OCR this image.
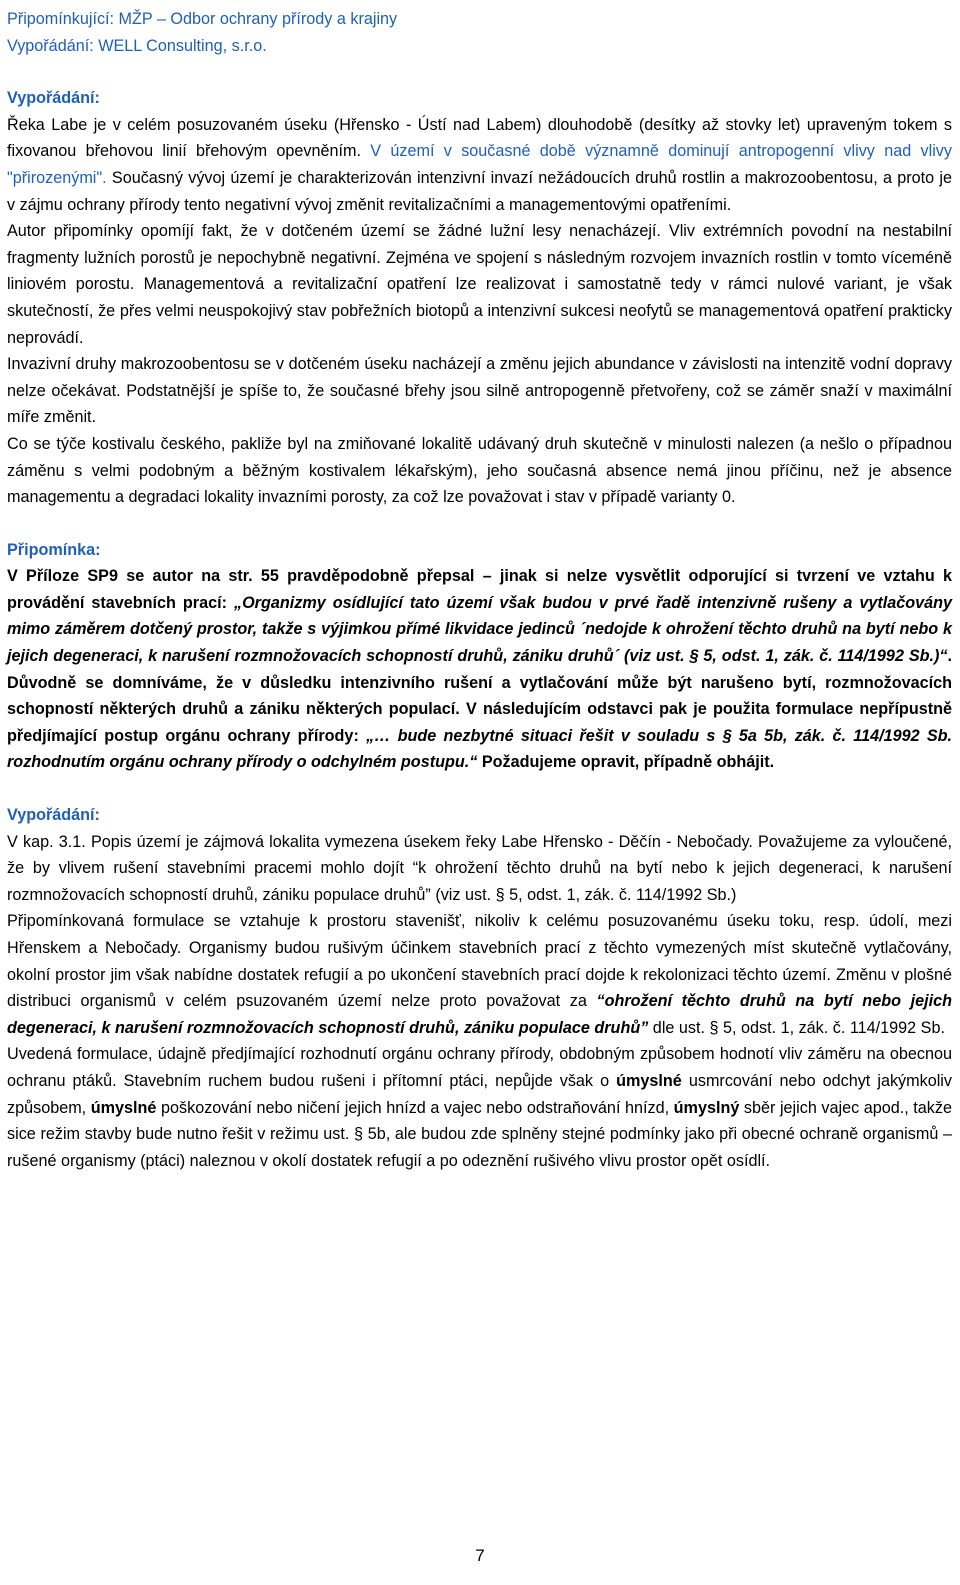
Připomínkující: MŽP – Odbor ochrany přírody a krajiny
Vypořádání: WELL Consulting, s.r.o.
Vypořádání:

Řeka Labe je v celém posuzovaném úseku (Hřensko - Ústí nad Labem) dlouhodobě (desítky až stovky let) upraveným tokem s fixovanou břehovou linií břehovým opevněním. V území v současné době významně dominují antropogenní vlivy nad vlivy "přirozenými". Současný vývoj území je charakterizován intenzivní invazí nežádoucích druhů rostlin a makrozoobentosu, a proto je v zájmu ochrany přírody tento negativní vývoj změnit revitalizačními a managementovými opatřeními.

Autor připomínky opomíjí fakt, že v dotčeném území se žádné lužní lesy nenacházejí. Vliv extrémních povodní na nestabilní fragmenty lužních porostů je nepochybně negativní. Zejména ve spojení s následným rozvojem invazních rostlin v tomto víceméně liniovém porostu. Managementová a revitalizační opatření lze realizovat i samostatně tedy v rámci nulové variant, je však skutečností, že přes velmi neuspokojivý stav pobřežních biotopů a intenzivní sukcesi neofytů se managementová opatření prakticky neprovádí.

Invazivní druhy makrozoobentosu se v dotčeném úseku nacházejí a změnu jejich abundance v závislosti na intenzitě vodní dopravy nelze očekávat. Podstatnější je spíše to, že současné břehy jsou silně antropogenně přetvořeny, což se záměr snaží v maximální míře změnit.

Co se týče kostivalu českého, pakliže byl na zmiňované lokalitě udávaný druh skutečně v minulosti nalezen (a nešlo o případnou záměnu s velmi podobným a běžným kostivalem lékařským), jeho současná absence nemá jinou příčinu, než je absence managementu a degradaci lokality invazními porosty, za což lze považovat i stav v případě varianty 0.

Připomínka:

V Příloze SP9 se autor na str. 55 pravděpodobně přepsal – jinak si nelze vysvětlit odporující si tvrzení ve vztahu k provádění stavebních prací: „Organizmy osídlující tato území však budou v prvé řadě intenzivně rušeny a vytlačovány mimo záměrem dotčený prostor, takže s výjimkou přímé likvidace jedinců ´nedojde k ohrožení těchto druhů na bytí nebo k jejich degeneraci, k narušení rozmnožovacích schopností druhů, zániku druhů´ (viz ust. § 5, odst. 1, zák. č. 114/1992 Sb.)“. Důvodně se domníváme, že v důsledku intenzivního rušení a vytlačování může být narušeno bytí, rozmnožovacích schopností některých druhů a zániku některých populací. V následujícím odstavci pak je použita formulace nepřípustně předjímající postup orgánu ochrany přírody: „… bude nezbytné situaci řešit v souladu s § 5a 5b, zák. č. 114/1992 Sb. rozhodnutím orgánu ochrany přírody o odchylném postupu.“ Požadujeme opravit, případně obhájit.

Vypořádání:

V kap. 3.1. Popis území je zájmová lokalita vymezena úsekem řeky Labe Hřensko - Děčín - Nebočady. Považujeme za vyloučené, že by vlivem rušení stavebními pracemi mohlo dojít “k ohrožení těchto druhů na bytí nebo k jejich degeneraci, k narušení rozmnožovacích schopností druhů, zániku populace druhů” (viz ust. § 5, odst. 1, zák. č. 114/1992 Sb.)

Připomínkovaná formulace se vztahuje k prostoru stavenišť, nikoliv k celému posuzovanému úseku toku, resp. údolí, mezi Hřenskem a Nebočady. Organismy budou rušivým účinkem stavebních prací z těchto vymezených míst skutečně vytlačovány, okolní prostor jim však nabídne dostatek refugií a po ukončení stavebních prací dojde k rekolonizaci těchto území. Změnu v plošné distribuci organismů v celém psuzovaném území nelze proto považovat za “ohrožení těchto druhů na bytí nebo jejich degeneraci, k narušení rozmnožovacích schopností druhů, zániku populace druhů” dle ust. § 5, odst. 1, zák. č. 114/1992 Sb.

Uvedená formulace, údajně předjímající rozhodnutí orgánu ochrany přírody, obdobným způsobem hodnotí vliv záměru na obecnou ochranu ptáků. Stavebním ruchem budou rušeni i přítomní ptáci, nepůjde však o úmyslné usmrcování nebo odchyt jakýmkoliv způsobem, úmyslné poškozování nebo ničení jejich hnízd a vajec nebo odstraňování hnízd, úmyslný sběr jejich vajec apod., takže sice režim stavby bude nutno řešit v režimu ust. § 5b, ale budou zde splněny stejné podmínky jako při obecné ochraně organismů – rušené organismy (ptáci) naleznou v okolí dostatek refugií a po odeznění rušivého vlivu prostor opět osídlí.

7
